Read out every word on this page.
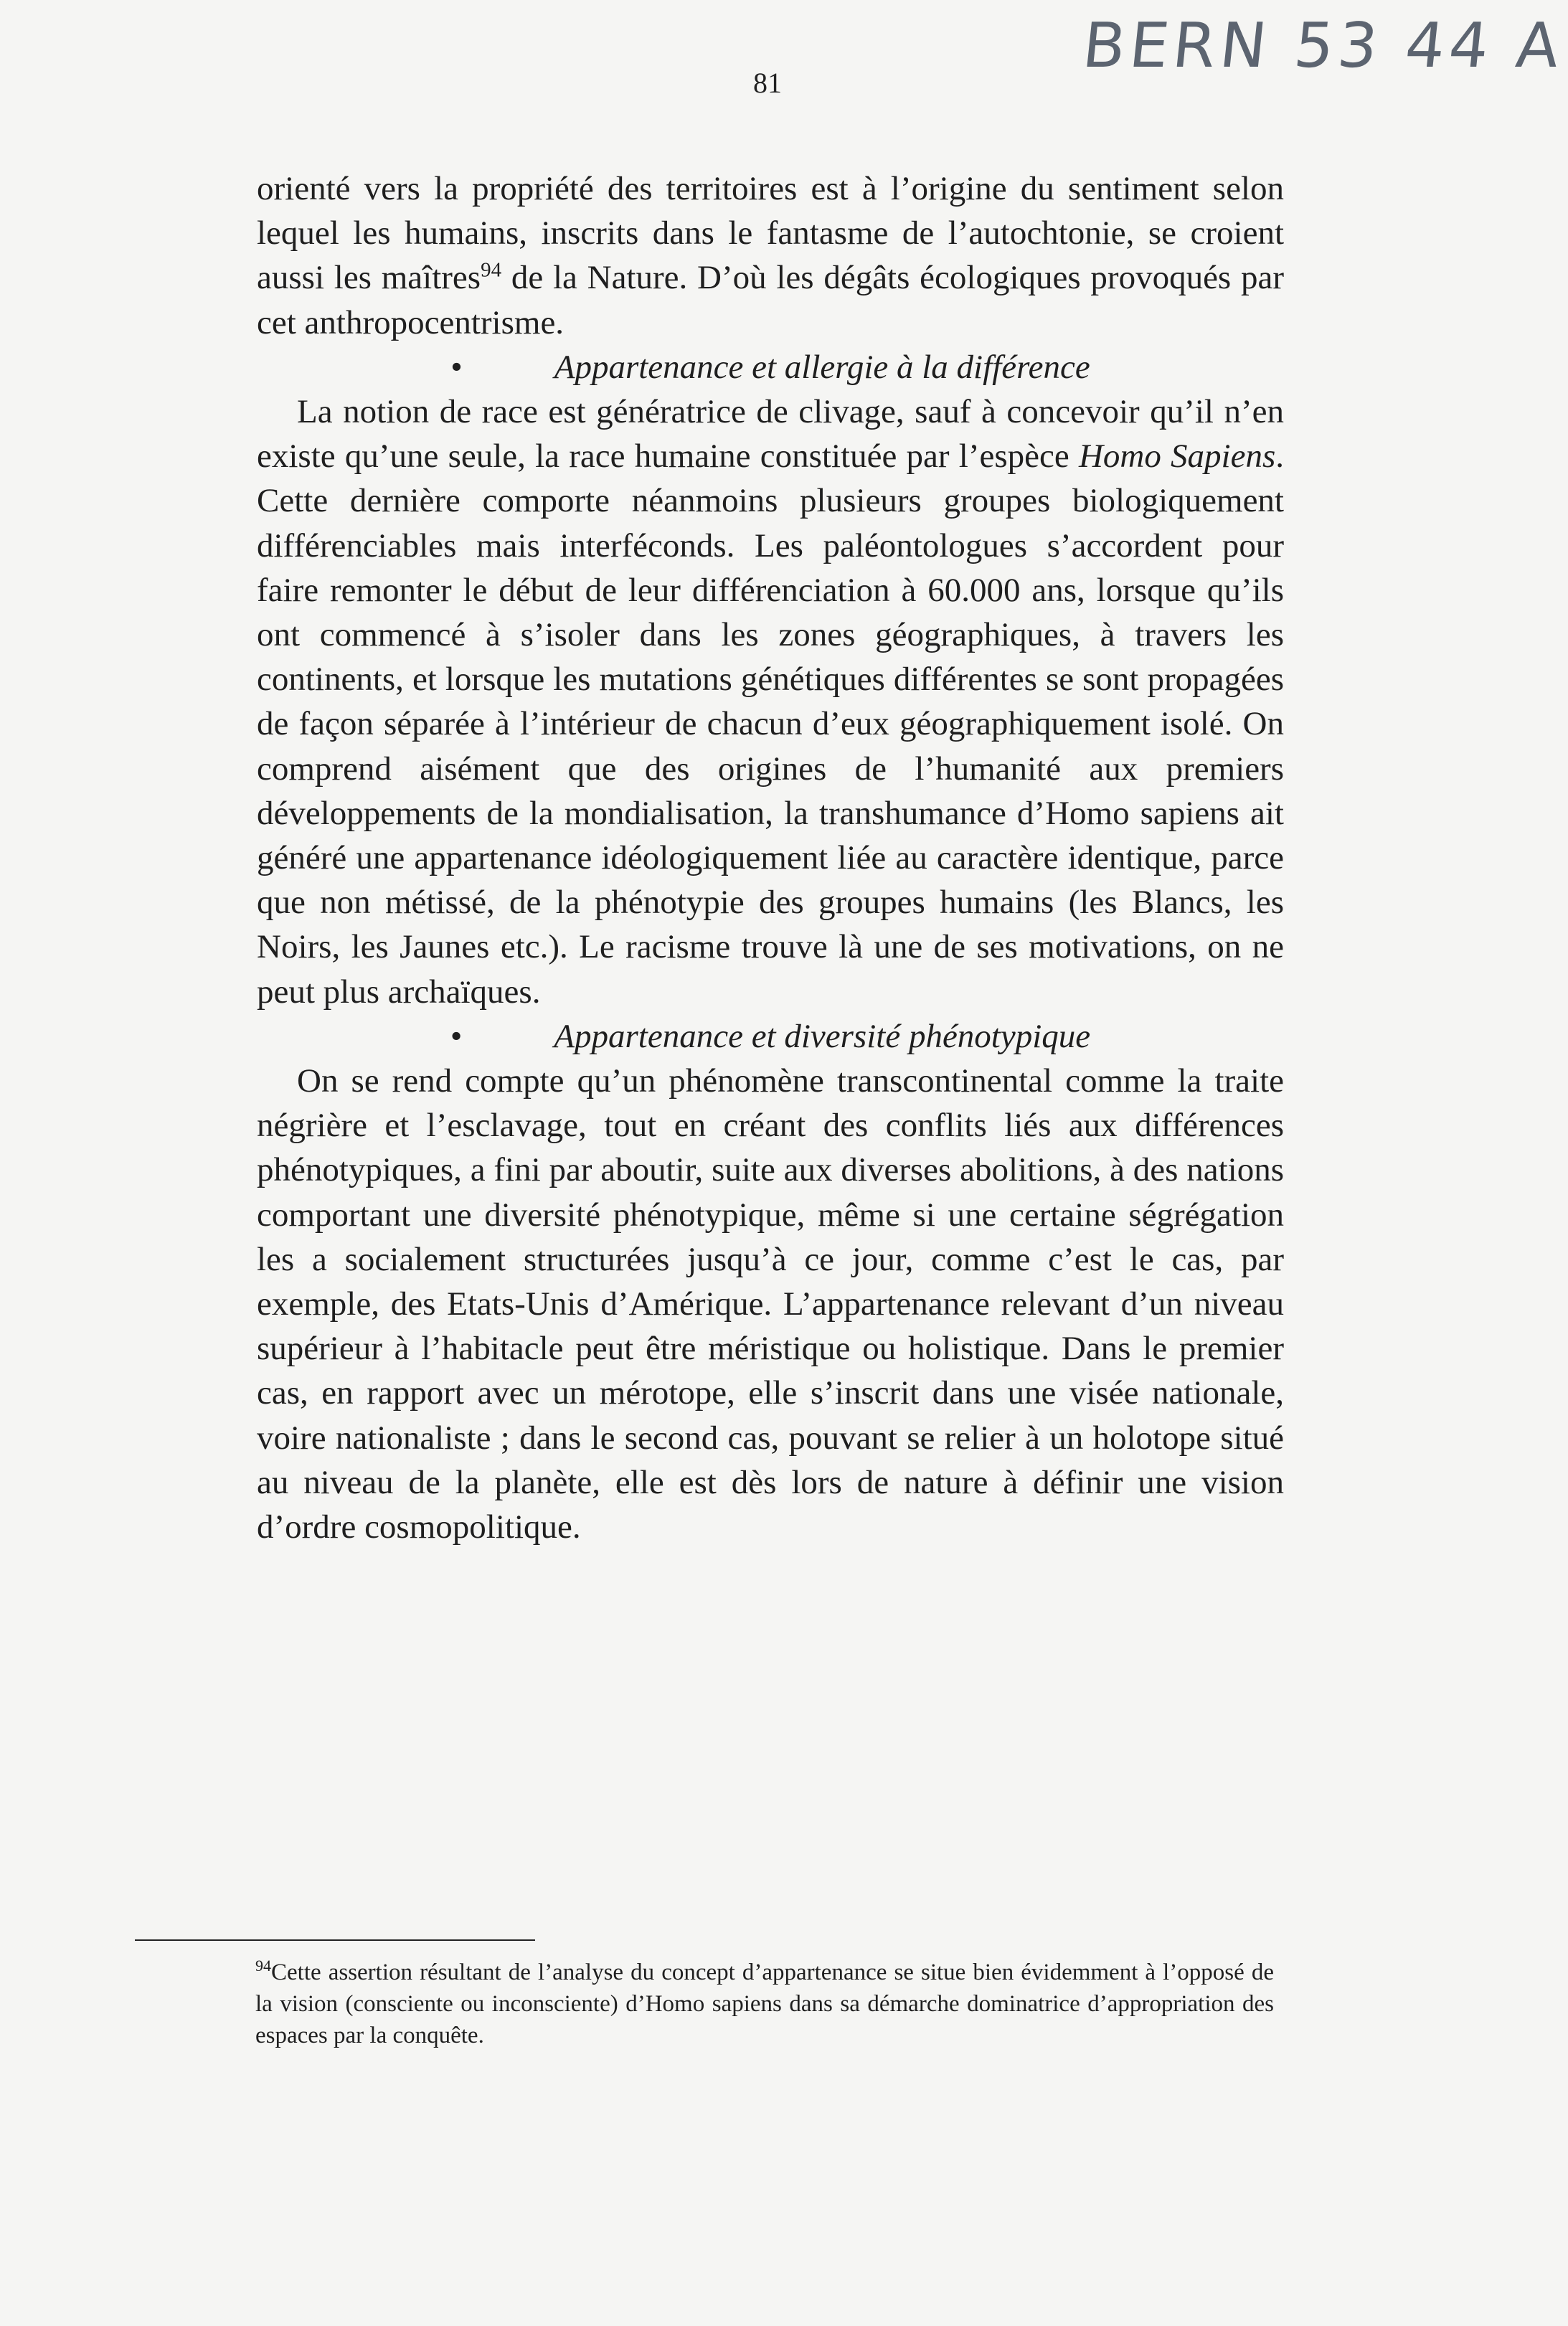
BERN 53 44 A
81

orienté vers la propriété des territoires est à l’origine du sentiment selon lequel les humains, inscrits dans le fantasme de l’autochtonie, se croient aussi les maîtres$^{94}$ de la Nature. D’où les dégâts écologiques provoqués par cet anthropocentrisme.

•	Appartenance et allergie à la différence

La notion de race est génératrice de clivage, sauf à concevoir qu’il n’en existe qu’une seule, la race humaine constituée par l’espèce Homo Sapiens. Cette dernière comporte néanmoins plusieurs groupes biologiquement différenciables mais interféconds. Les paléontologues s’accordent pour faire remonter le début de leur différenciation à 60.000 ans, lorsque qu’ils ont commencé à s’isoler dans les zones géographiques, à travers les continents, et lorsque les mutations génétiques différentes se sont propagées de façon séparée à l’intérieur de chacun d’eux géographiquement isolé. On comprend aisément que des origines de l’humanité aux premiers développements de la mondialisation, la transhumance d’Homo sapiens ait généré une appartenance idéologiquement liée au caractère identique, parce que non métissé, de la phénotypie des groupes humains (les Blancs, les Noirs, les Jaunes etc.). Le racisme trouve là une de ses motivations, on ne peut plus archaïques.

•	Appartenance et diversité phénotypique

On se rend compte qu’un phénomène transcontinental comme la traite négrière et l’esclavage, tout en créant des conflits liés aux différences phénotypiques, a fini par aboutir, suite aux diverses abolitions, à des nations comportant une diversité phénotypique, même si une certaine ségrégation les a socialement structurées jusqu’à ce jour, comme c’est le cas, par exemple, des Etats-Unis d’Amérique. L’appartenance relevant d’un niveau supérieur à l’habitacle peut être méristique ou holistique. Dans le premier cas, en rapport avec un mérotope, elle s’inscrit dans une visée nationale, voire nationaliste ; dans le second cas, pouvant se relier à un holotope situé au niveau de la planète, elle est dès lors de nature à définir une vision d’ordre cosmopolitique.

$^{94}$Cette assertion résultant de l’analyse du concept d’appartenance se situe bien évidemment à l’opposé de la vision (consciente ou inconsciente) d’Homo sapiens dans sa démarche dominatrice d’appropriation des espaces par la conquête.
